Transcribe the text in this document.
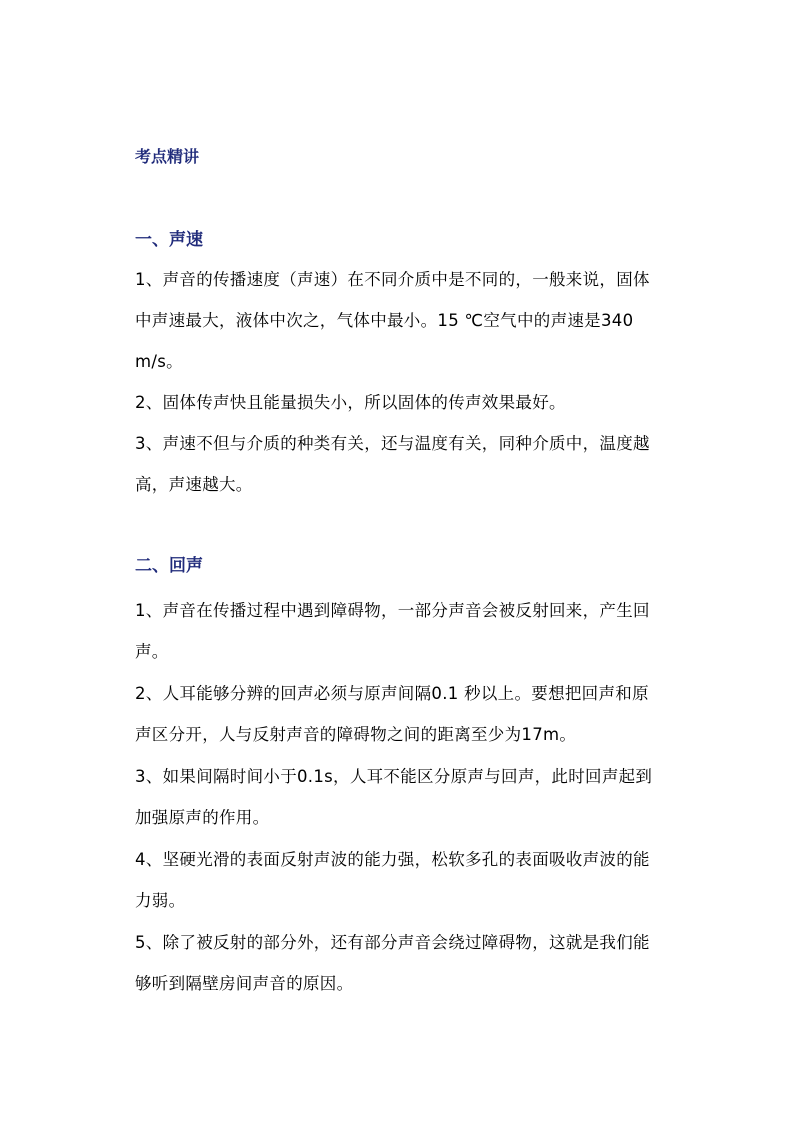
考点精讲
一、声速

1、声音的传播速度（声速）在不同介质中是不同的，一般来说，固体中声速最大，液体中次之，气体中最小。15 ℃空气中的声速是340 m/s。

2、固体传声快且能量损失小，所以固体的传声效果最好。

3、声速不但与介质的种类有关，还与温度有关，同种介质中，温度越高，声速越大。

二、回声

1、声音在传播过程中遇到障碍物，一部分声音会被反射回来，产生回声。

2、人耳能够分辨的回声必须与原声间隔0.1 秒以上。要想把回声和原声区分开，人与反射声音的障碍物之间的距离至少为17m。

3、如果间隔时间小于0.1s，人耳不能区分原声与回声，此时回声起到加强原声的作用。

4、坚硬光滑的表面反射声波的能力强，松软多孔的表面吸收声波的能力弱。

5、除了被反射的部分外，还有部分声音会绕过障碍物，这就是我们能够听到隔壁房间声音的原因。
